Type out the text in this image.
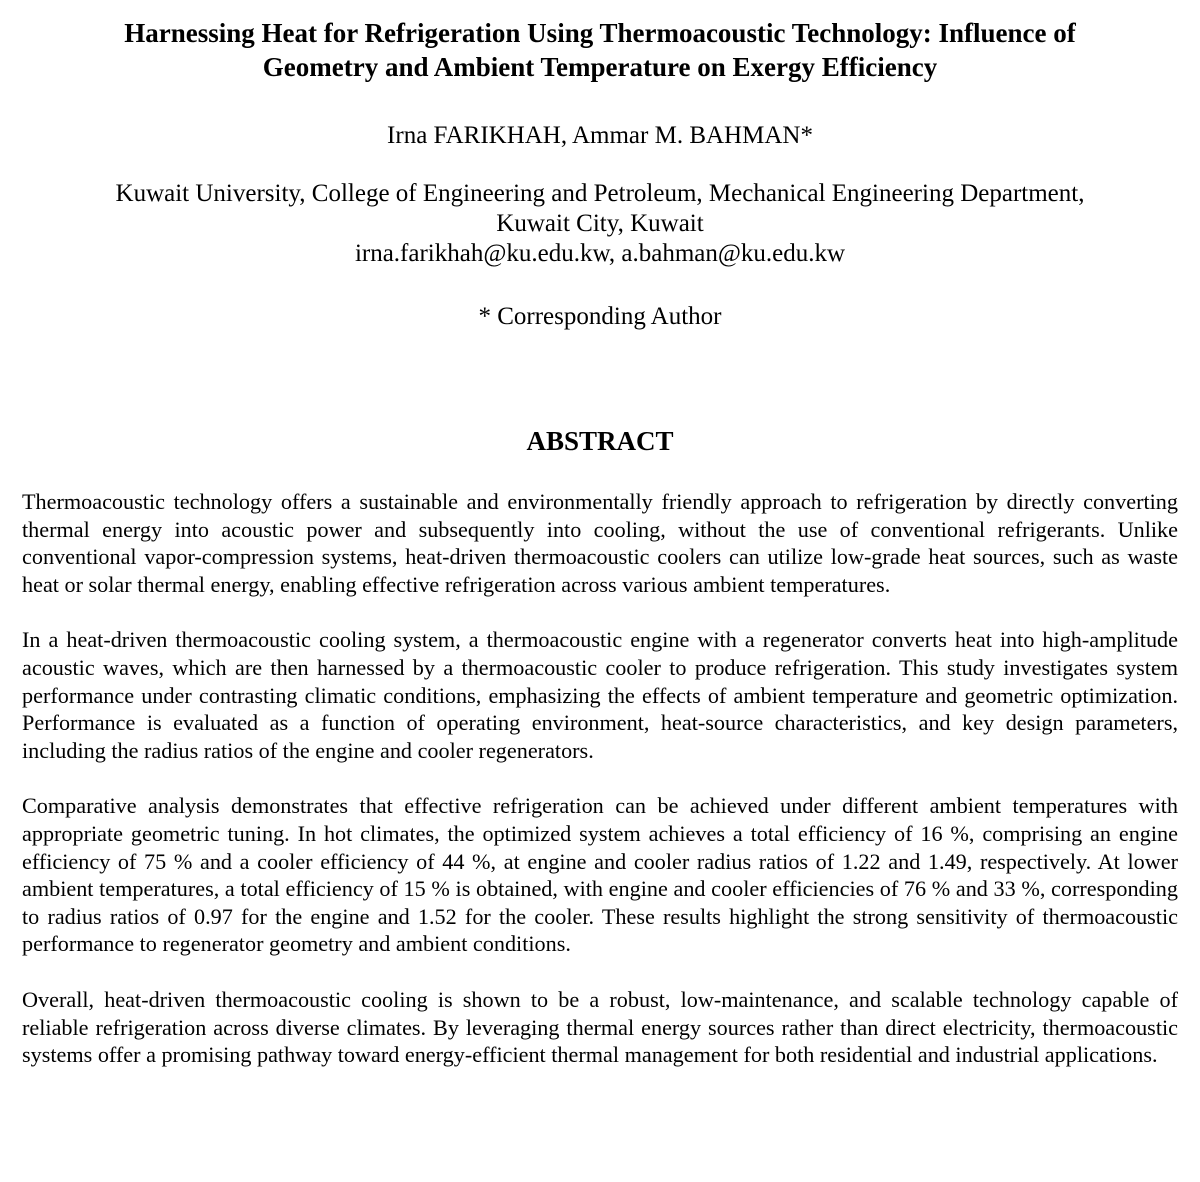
Harnessing Heat for Refrigeration Using Thermoacoustic Technology: Influence of
Geometry and Ambient Temperature on Exergy Efficiency

Irna FARIKHAH, Ammar M. BAHMAN*

Kuwait University, College of Engineering and Petroleum, Mechanical Engineering Department,
Kuwait City, Kuwait
irna.farikhah@ku.edu.kw, a.bahman@ku.edu.kw

* Corresponding Author

ABSTRACT

Thermoacoustic technology offers a sustainable and environmentally friendly approach to refrigeration by directly converting thermal energy into acoustic power and subsequently into cooling, without the use of conventional refrigerants. Unlike conventional vapor-compression systems, heat-driven thermoacoustic coolers can utilize low-grade heat sources, such as waste heat or solar thermal energy, enabling effective refrigeration across various ambient temperatures.

In a heat-driven thermoacoustic cooling system, a thermoacoustic engine with a regenerator converts heat into high-amplitude acoustic waves, which are then harnessed by a thermoacoustic cooler to produce refrigeration. This study investigates system performance under contrasting climatic conditions, emphasizing the effects of ambient temperature and geometric optimization. Performance is evaluated as a function of operating environment, heat-source characteristics, and key design parameters, including the radius ratios of the engine and cooler regenerators.

Comparative analysis demonstrates that effective refrigeration can be achieved under different ambient temperatures with appropriate geometric tuning. In hot climates, the optimized system achieves a total efficiency of 16 %, comprising an engine efficiency of 75 % and a cooler efficiency of 44 %, at engine and cooler radius ratios of 1.22 and 1.49, respectively. At lower ambient temperatures, a total efficiency of 15 % is obtained, with engine and cooler efficiencies of 76 % and 33 %, corresponding to radius ratios of 0.97 for the engine and 1.52 for the cooler. These results highlight the strong sensitivity of thermoacoustic performance to regenerator geometry and ambient conditions.

Overall, heat-driven thermoacoustic cooling is shown to be a robust, low-maintenance, and scalable technology capable of reliable refrigeration across diverse climates. By leveraging thermal energy sources rather than direct electricity, thermoacoustic systems offer a promising pathway toward energy-efficient thermal management for both residential and industrial applications.
